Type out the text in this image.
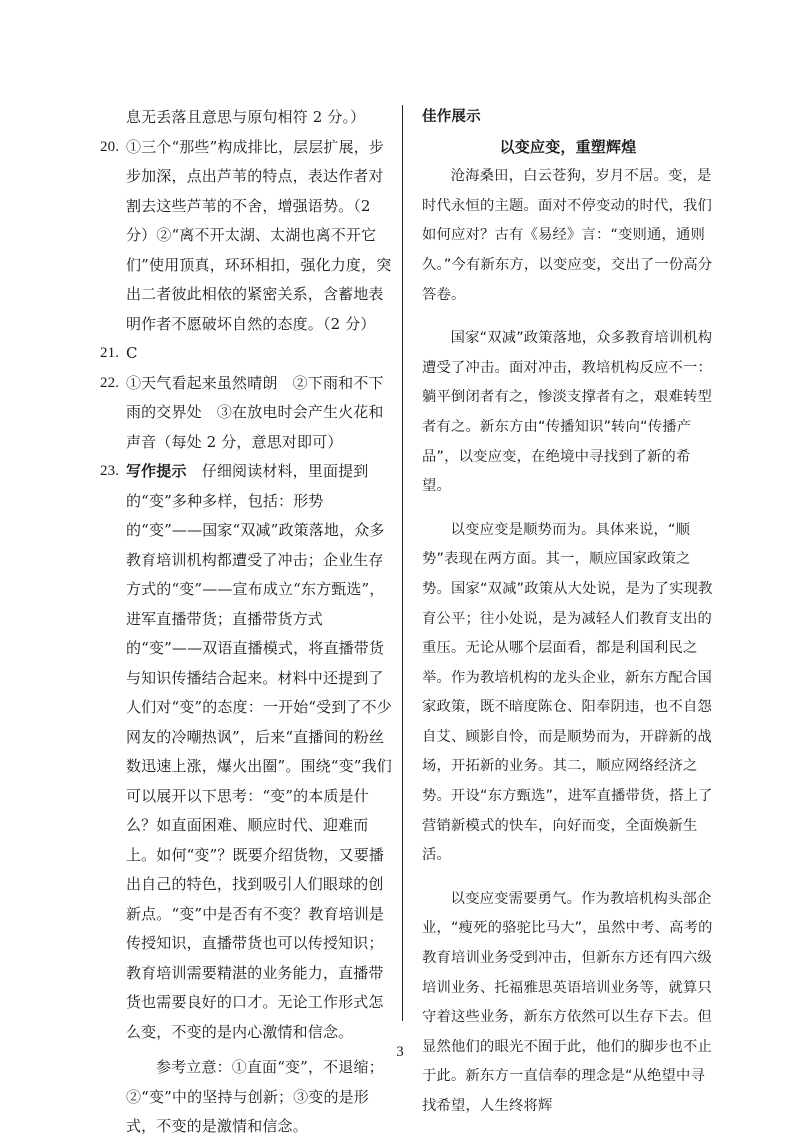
息无丢落且意思与原句相符 2 分。）

20. ①三个“那些”构成排比，层层扩展，步步加深，点出芦苇的特点，表达作者对割去这些芦苇的不舍，增强语势。（2 分）②“离不开太湖、太湖也离不开它们”使用顶真，环环相扣，强化力度，突出二者彼此相依的紧密关系，含蓄地表明作者不愿破坏自然的态度。（2 分）
21. C
22. ①天气看起来虽然晴朗　②下雨和不下雨的交界处　③在放电时会产生火花和声音（每处 2 分，意思对即可）
23. 写作提示　仔细阅读材料，里面提到的“变”多种多样，包括：形势的“变”——国家“双减”政策落地，众多教育培训机构都遭受了冲击；企业生存方式的“变”——宣布成立“东方甄选”，进军直播带货；直播带货方式的“变”——双语直播模式，将直播带货与知识传播结合起来。材料中还提到了人们对“变”的态度：一开始“受到了不少网友的冷嘲热讽”，后来“直播间的粉丝数迅速上涨，爆火出圈”。围绕“变”我们可以展开以下思考：“变”的本质是什么？如直面困难、顺应时代、迎难而上。如何“变”？既要介绍货物，又要播出自己的特色，找到吸引人们眼球的创新点。“变”中是否有不变？教育培训是传授知识，直播带货也可以传授知识；教育培训需要精湛的业务能力，直播带货也需要良好的口才。无论工作形式怎么变，不变的是内心激情和信念。
参考立意：①直面“变”，不退缩；②“变”中的坚持与创新；③变的是形式，不变的是激情和信念。

佳作展示

以变应变，重塑辉煌

沧海桑田，白云苍狗，岁月不居。变，是时代永恒的主题。面对不停变动的时代，我们如何应对？古有《易经》言：“变则通，通则久。”今有新东方，以变应变，交出了一份高分答卷。

国家“双减”政策落地，众多教育培训机构遭受了冲击。面对冲击，教培机构反应不一：躺平倒闭者有之，惨淡支撑者有之，艰难转型者有之。新东方由“传播知识”转向“传播产品”，以变应变，在绝境中寻找到了新的希望。

以变应变是顺势而为。具体来说，“顺势”表现在两方面。其一，顺应国家政策之势。国家“双减”政策从大处说，是为了实现教育公平；往小处说，是为减轻人们教育支出的重压。无论从哪个层面看，都是利国利民之举。作为教培机构的龙头企业，新东方配合国家政策，既不暗度陈仓、阳奉阴违，也不自怨自艾、顾影自怜，而是顺势而为，开辟新的战场，开拓新的业务。其二，顺应网络经济之势。开设“东方甄选”，进军直播带货，搭上了营销新模式的快车，向好而变，全面焕新生活。

以变应变需要勇气。作为教培机构头部企业，“瘦死的骆驼比马大”，虽然中考、高考的教育培训业务受到冲击，但新东方还有四六级培训业务、托福雅思英语培训业务等，就算只守着这些业务，新东方依然可以生存下去。但显然他们的眼光不囿于此，他们的脚步也不止于此。新东方一直信奉的理念是“从绝望中寻找希望，人生终将辉

3
